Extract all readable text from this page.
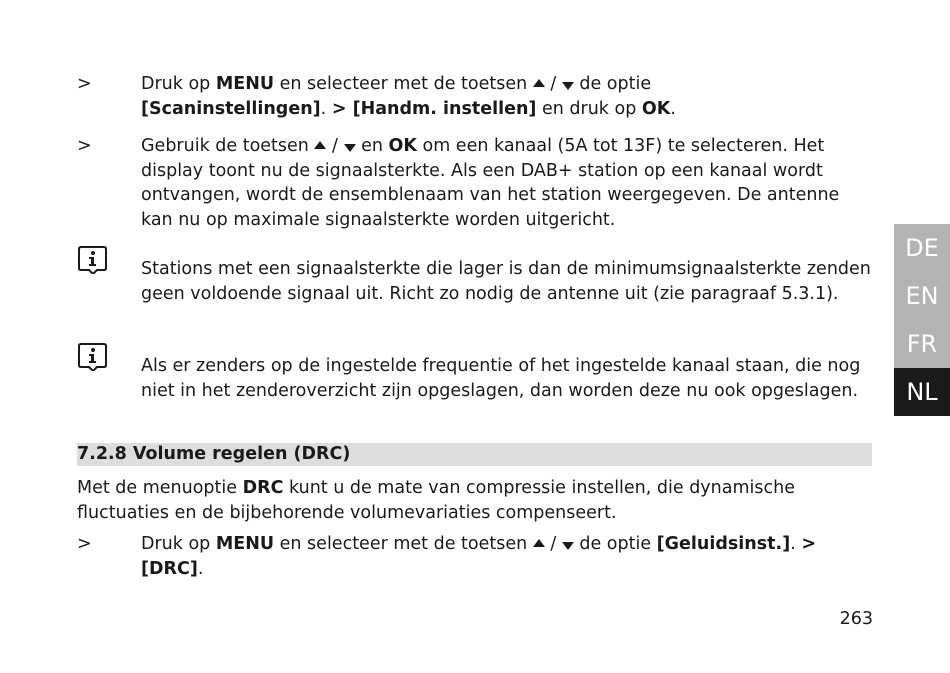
>	Druk op MENU en selecteer met de toetsen  /  de optie
[Scaninstellingen]. > [Handm. instellen] en druk op OK.
>	Gebruik de toetsen  /  en OK om een kanaal (5A tot 13F) te selecteren. Het display toont nu de signaalsterkte. Als een DAB+ station op een kanaal wordt ontvangen, wordt de ensemblenaam van het station weergegeven. De antenne kan nu op maximale signaalsterkte worden uitgericht.
Stations met een signaalsterkte die lager is dan de minimumsignaalsterkte zenden geen voldoende signaal uit. Richt zo nodig de antenne uit (zie paragraaf 5.3.1).
Als er zenders op de ingestelde frequentie of het ingestelde kanaal staan, die nog niet in het zenderoverzicht zijn opgeslagen, dan worden deze nu ook opgeslagen.
7.2.8 Volume regelen (DRC)
Met de menuoptie DRC kunt u de mate van compressie instellen, die dynamische fluctuaties en de bijbehorende volumevariaties compenseert.
>	Druk op MENU en selecteer met de toetsen  /  de optie [Geluidsinst.]. > [DRC].
DE
EN
FR
NL
263
